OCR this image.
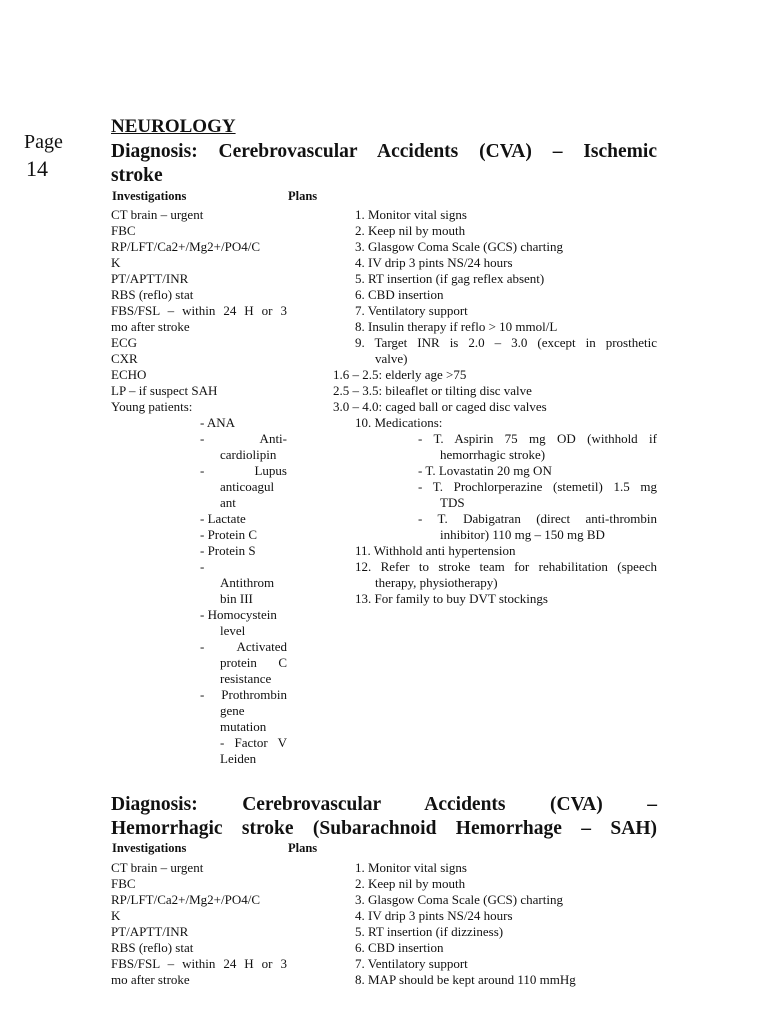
Page
14
NEUROLOGY
Diagnosis: Cerebrovascular Accidents (CVA) – Ischemic
stroke
Investigations	Plans
CT brain – urgent
FBC
RP/LFT/Ca2+/Mg2+/PO4/C
K
PT/APTT/INR
RBS (reflo) stat
FBS/FSL – within 24 H or 3
mo after stroke
ECG
CXR
ECHO
LP – if suspect SAH
Young patients:
- ANA
- Anti-
cardiolipin
- Lupus
anticoagul
ant
- Lactate
- Protein C
- Protein S
-
Antithrom
bin III
- Homocystein
level
- Activated
protein C
resistance
- Prothrombin
gene
mutation
- Factor V
Leiden
1. Monitor vital signs
2. Keep nil by mouth
3. Glasgow Coma Scale (GCS) charting
4. IV drip 3 pints NS/24 hours
5. RT insertion (if gag reflex absent)
6. CBD insertion
7. Ventilatory support
8. Insulin therapy if reflo > 10 mmol/L
9. Target INR is 2.0 – 3.0 (except in prosthetic
valve)
1.6 – 2.5: elderly age >75
2.5 – 3.5: bileaflet or tilting disc valve
3.0 – 4.0: caged ball or caged disc valves
10. Medications:
- T. Aspirin 75 mg OD (withhold if
hemorrhagic stroke)
- T. Lovastatin 20 mg ON
- T. Prochlorperazine (stemetil) 1.5 mg
TDS
- T. Dabigatran (direct anti-thrombin
inhibitor) 110 mg – 150 mg BD
11. Withhold anti hypertension
12. Refer to stroke team for rehabilitation (speech
therapy, physiotherapy)
13. For family to buy DVT stockings
Diagnosis: Cerebrovascular Accidents (CVA) –
Hemorrhagic stroke (Subarachnoid Hemorrhage – SAH)
Investigations	Plans
CT brain – urgent
FBC
RP/LFT/Ca2+/Mg2+/PO4/C
K
PT/APTT/INR
RBS (reflo) stat
FBS/FSL – within 24 H or 3
mo after stroke
1. Monitor vital signs
2. Keep nil by mouth
3. Glasgow Coma Scale (GCS) charting
4. IV drip 3 pints NS/24 hours
5. RT insertion (if dizziness)
6. CBD insertion
7. Ventilatory support
8. MAP should be kept around 110 mmHg
